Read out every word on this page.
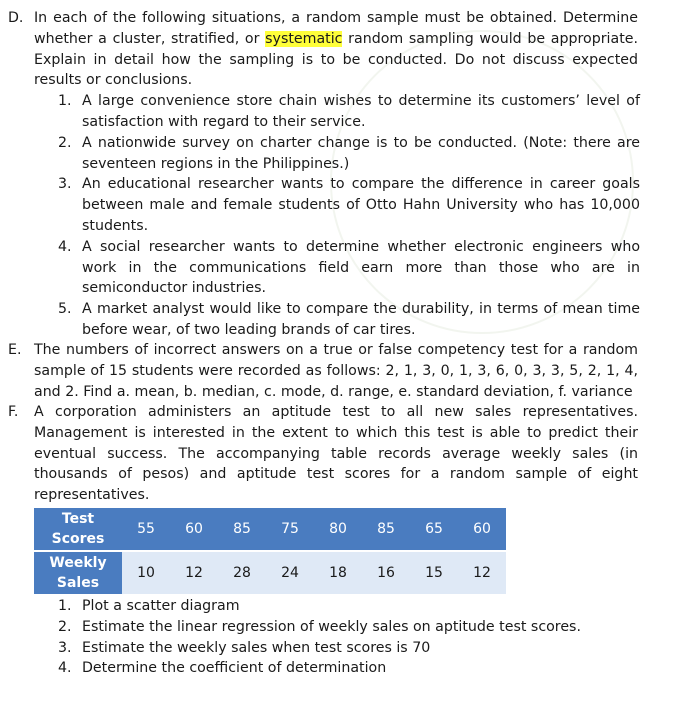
D. In each of the following situations, a random sample must be obtained. Determine whether a cluster, stratified, or systematic random sampling would be appropriate. Explain in detail how the sampling is to be conducted. Do not discuss expected results or conclusions.
1. A large convenience store chain wishes to determine its customers’ level of satisfaction with regard to their service.
2. A nationwide survey on charter change is to be conducted. (Note: there are seventeen regions in the Philippines.)
3. An educational researcher wants to compare the difference in career goals between male and female students of Otto Hahn University who has 10,000 students.
4. A social researcher wants to determine whether electronic engineers who work in the communications field earn more than those who are in semiconductor industries.
5. A market analyst would like to compare the durability, in terms of mean time before wear, of two leading brands of car tires.
E. The numbers of incorrect answers on a true or false competency test for a random sample of 15 students were recorded as follows: 2, 1, 3, 0, 1, 3, 6, 0, 3, 3, 5, 2, 1, 4, and 2. Find a. mean, b. median, c. mode, d. range, e. standard deviation, f. variance
F. A corporation administers an aptitude test to all new sales representatives. Management is interested in the extent to which this test is able to predict their eventual success. The accompanying table records average weekly sales (in thousands of pesos) and aptitude test scores for a random sample of eight representatives.
Test Scores	55	60	85	75	80	85	65	60
Weekly Sales	10	12	28	24	18	16	15	12
1. Plot a scatter diagram
2. Estimate the linear regression of weekly sales on aptitude test scores.
3. Estimate the weekly sales when test scores is 70
4. Determine the coefficient of determination
